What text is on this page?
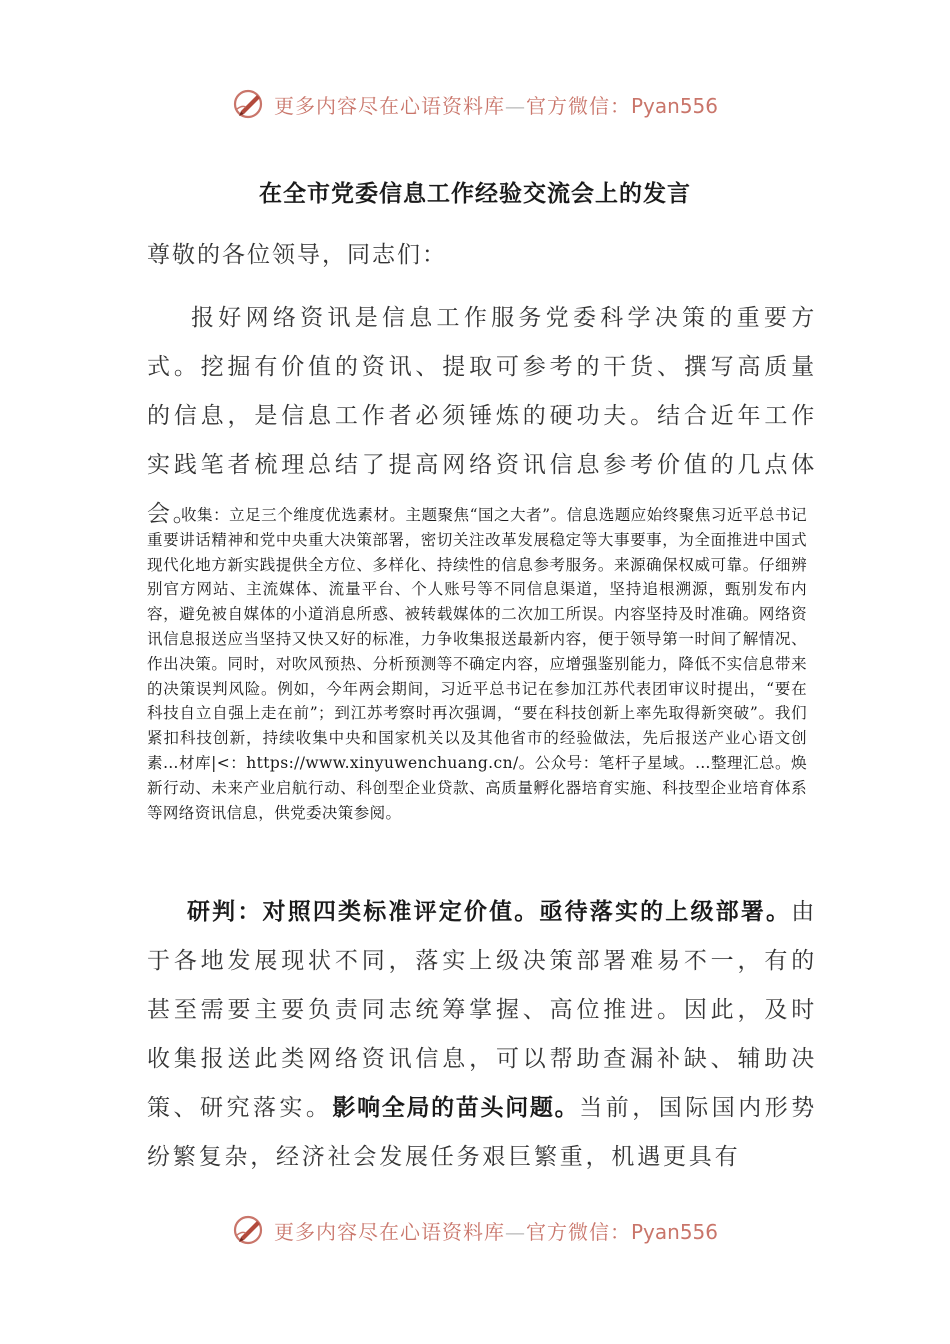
更多内容尽在心语资料库—官方微信：Pyan556
在全市党委信息工作经验交流会上的发言
尊敬的各位领导，同志们：

报好网络资讯是信息工作服务党委科学决策的重要方式。挖掘有价值的资讯、提取可参考的干货、撰写高质量的信息，是信息工作者必须锤炼的硬功夫。结合近年工作实践笔者梳理总结了提高网络资讯信息参考价值的几点体会。

收集：立足三个维度优选素材。主题聚焦“国之大者”。信息选题应始终聚焦习近平总书记重要讲话精神和党中央重大决策部署，密切关注改革发展稳定等大事要事，为全面推进中国式现代化地方新实践提供全方位、多样化、持续性的信息参考服务。来源确保权威可靠。仔细辨别官方网站、主流媒体、流量平台、个人账号等不同信息渠道，坚持追根溯源，甄别发布内容，避免被自媒体的小道消息所惑、被转载媒体的二次加工所误。内容坚持及时准确。网络资讯信息报送应当坚持又快又好的标准，力争收集报送最新内容，便于领导第一时间了解情况、作出决策。同时，对吹风预热、分析预测等不确定内容，应增强鉴别能力，降低不实信息带来的决策误判风险。例如，今年两会期间，习近平总书记在参加江苏代表团审议时提出，“要在科技自立自强上走在前”；到江苏考察时再次强调，“要在科技创新上率先取得新突破”。我们紧扣科技创新，持续收集中央和国家机关以及其他省市的经验做法，先后报送产业心语文创素…材库|<：https://www.xinyuwenchuang.cn/。公众号：笔杆子星域。…整理汇总。焕新行动、未来产业启航行动、科创型企业贷款、高质量孵化器培育实施、科技型企业培育体系等网络资讯信息，供党委决策参阅。

研判：对照四类标准评定价值。亟待落实的上级部署。由于各地发展现状不同，落实上级决策部署难易不一，有的甚至需要主要负责同志统筹掌握、高位推进。因此，及时收集报送此类网络资讯信息，可以帮助查漏补缺、辅助决策、研究落实。影响全局的苗头问题。当前，国际国内形势纷繁复杂，经济社会发展任务艰巨繁重，机遇更具有

更多内容尽在心语资料库—官方微信：Pyan556
